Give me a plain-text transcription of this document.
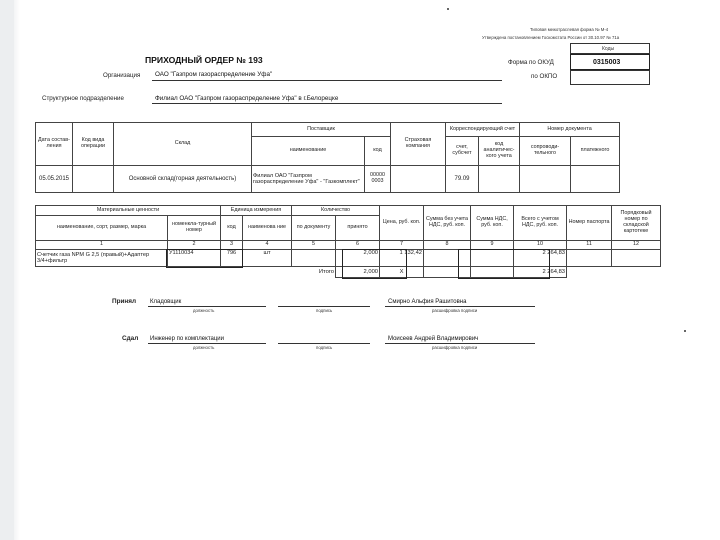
Типовая межотраслевая форма № М-4
Утверждена постановлением Госкомстата России от 30.10.97 № 71а
Коды
0315003
Форма по ОКУД
по ОКПО
ПРИХОДНЫЙ ОРДЕР № 193
Организация ОАО "Газпром газораспределение Уфа"
Структурное подразделение	Филиал ОАО "Газпром газораспределение Уфа" в г.Белорецке
Дата состав-ления	Код вида операции	Склад	Поставщик		Страховая компания	Корреспондирующий счет		Номер документа	
			наименование	код		счет, субсчет	код аналитичес-кого учета	сопроводи-тельного	платежного
05.05.2015		Основной склад(горная деятельность)	Филиал ОАО "Газпром газораспределение Уфа" - "Газкомплект"	00000 0003		79.09			
Материальные ценности		Единица измерения		Количество		Цена, руб. коп.	Сумма без учета НДС, руб. коп.	Сумма НДС, руб. коп.	Всего с учетом НДС, руб. коп.	Номер паспорта	Порядковый номер по складской картотеке
наименование, сорт, размер, марка	номенкла-турный номер	код	наименова ние	по документу	принято						
1	2	3	4	5	6	7	8	9	10	11	12
Счетчик газа NPM G 2,5 (правый)+Адаптер 3/4+фильтр	У1110034	796	шт		2,000	1 132,42			2 264,83		
				Итого	2,000	X			2 264,83		
Принял Кладовщик
должность	подпись
Смирно Альфия Рашитовна
расшифровка подписи
Сдал Инженер по комплектации
должность	подпись
Моисеев Андрей Владимирович
расшифровка подписи
